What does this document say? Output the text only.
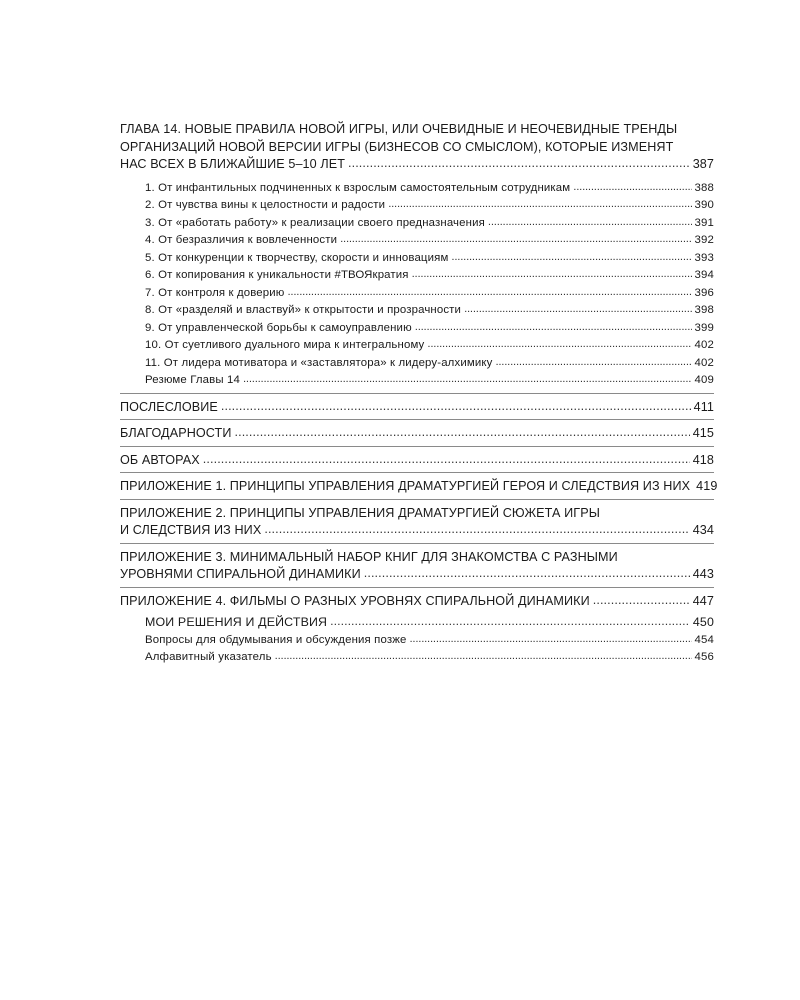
ГЛАВА 14. НОВЫЕ ПРАВИЛА НОВОЙ ИГРЫ, ИЛИ ОЧЕВИДНЫЕ И НЕОЧЕВИДНЫЕ ТРЕНДЫ
ОРГАНИЗАЦИЙ НОВОЙ ВЕРСИИ ИГРЫ (БИЗНЕСОВ СО СМЫСЛОМ), КОТОРЫЕ ИЗМЕНЯТ
НАС ВСЕХ В БЛИЖАЙШИЕ 5–10 ЛЕТ . . .	387
1. От инфантильных подчиненных к взрослым самостоятельным сотрудникам . . .	388
2. От чувства вины к целостности и радости . . .	390
3. От «работать работу» к реализации своего предназначения . . .	391
4. От безразличия к вовлеченности . . .	392
5. От конкуренции к творчеству, скорости и инновациям . . .	393
6. От копирования к уникальности #ТВОЯкратия . . .	394
7. От контроля к доверию . . .	396
8. От «разделяй и властвуй» к открытости и прозрачности . . .	398
9. От управленческой борьбы к самоуправлению . . .	399
10. От суетливого дуального мира к интегральному . . .	402
11. От лидера мотиватора и «заставлятора» к лидеру-алхимику . . .	402
Резюме Главы 14 . . .	409
ПОСЛЕСЛОВИЕ . . .	411
БЛАГОДАРНОСТИ . . .	415
ОБ АВТОРАХ . . .	418
ПРИЛОЖЕНИЕ 1. ПРИНЦИПЫ УПРАВЛЕНИЯ ДРАМАТУРГИЕЙ ГЕРОЯ И СЛЕДСТВИЯ ИЗ НИХ 419
ПРИЛОЖЕНИЕ 2. ПРИНЦИПЫ УПРАВЛЕНИЯ ДРАМАТУРГИЕЙ СЮЖЕТА ИГРЫ
И СЛЕДСТВИЯ ИЗ НИХ . . .	434
ПРИЛОЖЕНИЕ 3. МИНИМАЛЬНЫЙ НАБОР КНИГ ДЛЯ ЗНАКОМСТВА С РАЗНЫМИ
УРОВНЯМИ СПИРАЛЬНОЙ ДИНАМИКИ . . .	443
ПРИЛОЖЕНИЕ 4. ФИЛЬМЫ О РАЗНЫХ УРОВНЯХ СПИРАЛЬНОЙ ДИНАМИКИ . . .	447
МОИ РЕШЕНИЯ И ДЕЙСТВИЯ . . .	450
Вопросы для обдумывания и обсуждения позже . . .	454
Алфавитный указатель . . .	456
